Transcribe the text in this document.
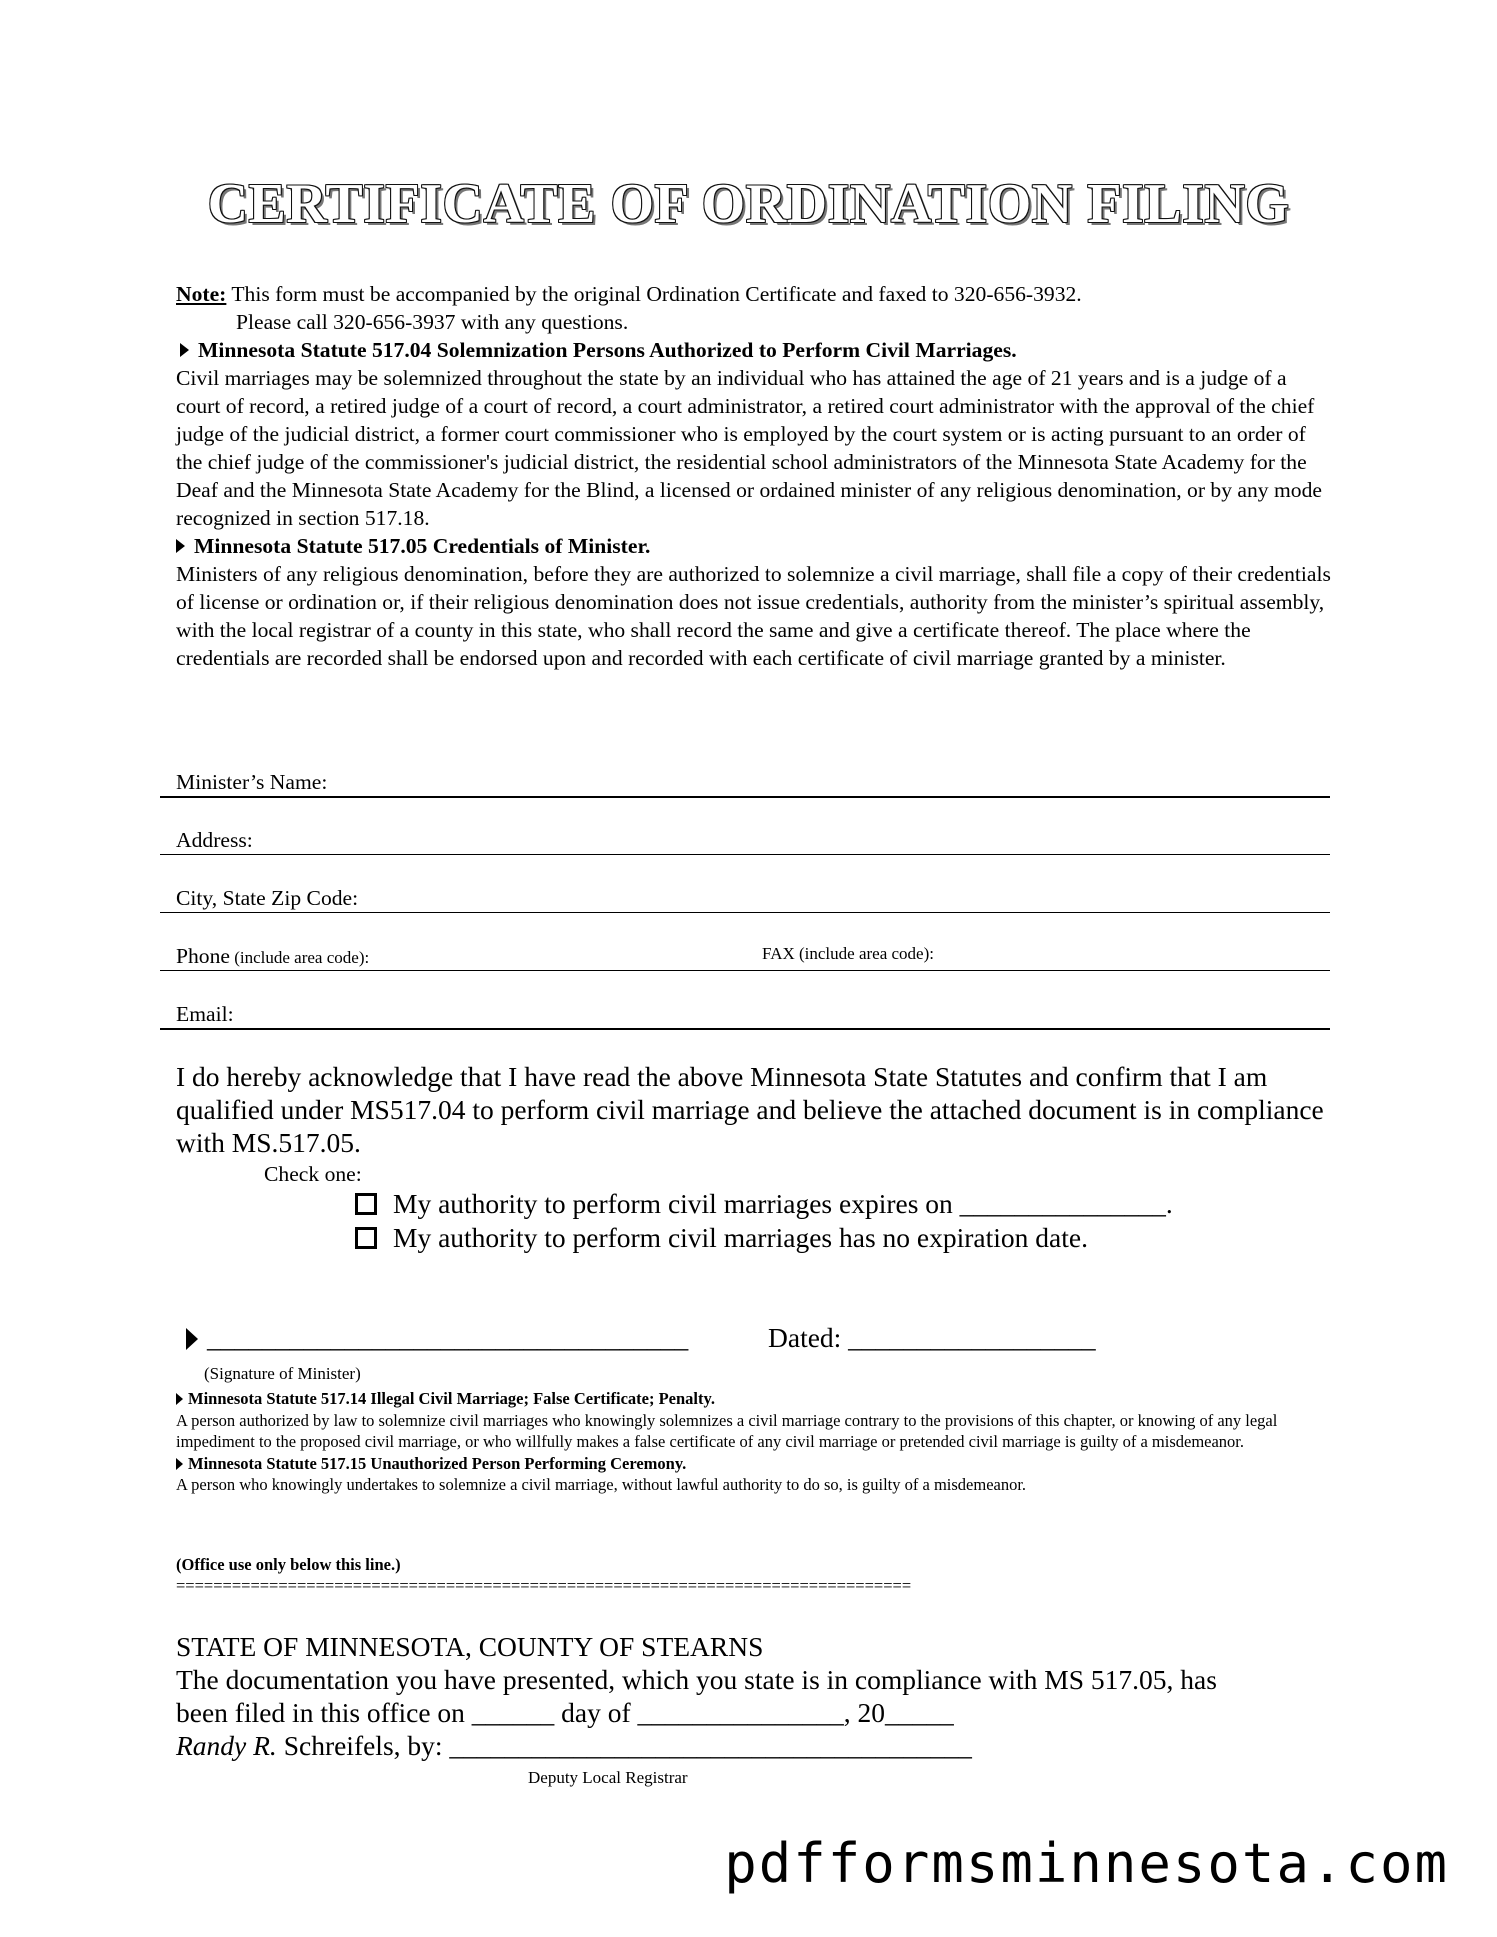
CERTIFICATE OF ORDINATION FILING

Note: This form must be accompanied by the original Ordination Certificate and faxed to 320-656-3932.

Please call 320-656-3937 with any questions.

Minnesota Statute 517.04 Solemnization Persons Authorized to Perform Civil Marriages.

Civil marriages may be solemnized throughout the state by an individual who has attained the age of 21 years and is a judge of a court of record, a retired judge of a court of record, a court administrator, a retired court administrator with the approval of the chief judge of the judicial district, a former court commissioner who is employed by the court system or is acting pursuant to an order of the chief judge of the commissioner's judicial district, the residential school administrators of the Minnesota State Academy for the Deaf and the Minnesota State Academy for the Blind, a licensed or ordained minister of any religious denomination, or by any mode recognized in section 517.18.

Minnesota Statute 517.05 Credentials of Minister.

Ministers of any religious denomination, before they are authorized to solemnize a civil marriage, shall file a copy of their credentials of license or ordination or, if their religious denomination does not issue credentials, authority from the minister’s spiritual assembly, with the local registrar of a county in this state, who shall record the same and give a certificate thereof. The place where the credentials are recorded shall be endorsed upon and recorded with each certificate of civil marriage granted by a minister.

Minister’s Name:
Address:
City, State Zip Code:
Phone (include area code):	FAX (include area code):
Email:
I do hereby acknowledge that I have read the above Minnesota State Statutes and confirm that I am qualified under MS517.04 to perform civil marriage and believe the attached document is in compliance with MS.517.05.
Check one:
My authority to perform civil marriages expires on _______________.
My authority to perform civil marriages has no expiration date.
___________________________________	Dated: __________________
(Signature of Minister)

Minnesota Statute 517.14 Illegal Civil Marriage; False Certificate; Penalty.

A person authorized by law to solemnize civil marriages who knowingly solemnizes a civil marriage contrary to the provisions of this chapter, or knowing of any legal impediment to the proposed civil marriage, or who willfully makes a false certificate of any civil marriage or pretended civil marriage is guilty of a misdemeanor.

Minnesota Statute 517.15 Unauthorized Person Performing Ceremony.

A person who knowingly undertakes to solemnize a civil marriage, without lawful authority to do so, is guilty of a misdemeanor.

(Office use only below this line.)
===============================================================================
STATE OF MINNESOTA, COUNTY OF STEARNS
The documentation you have presented, which you state is in compliance with MS 517.05, has
been filed in this office on ______ day of _______________, 20_____
Randy R. Schreifels, by: ______________________________________
Deputy Local Registrar
pdfformsminnesota.com
